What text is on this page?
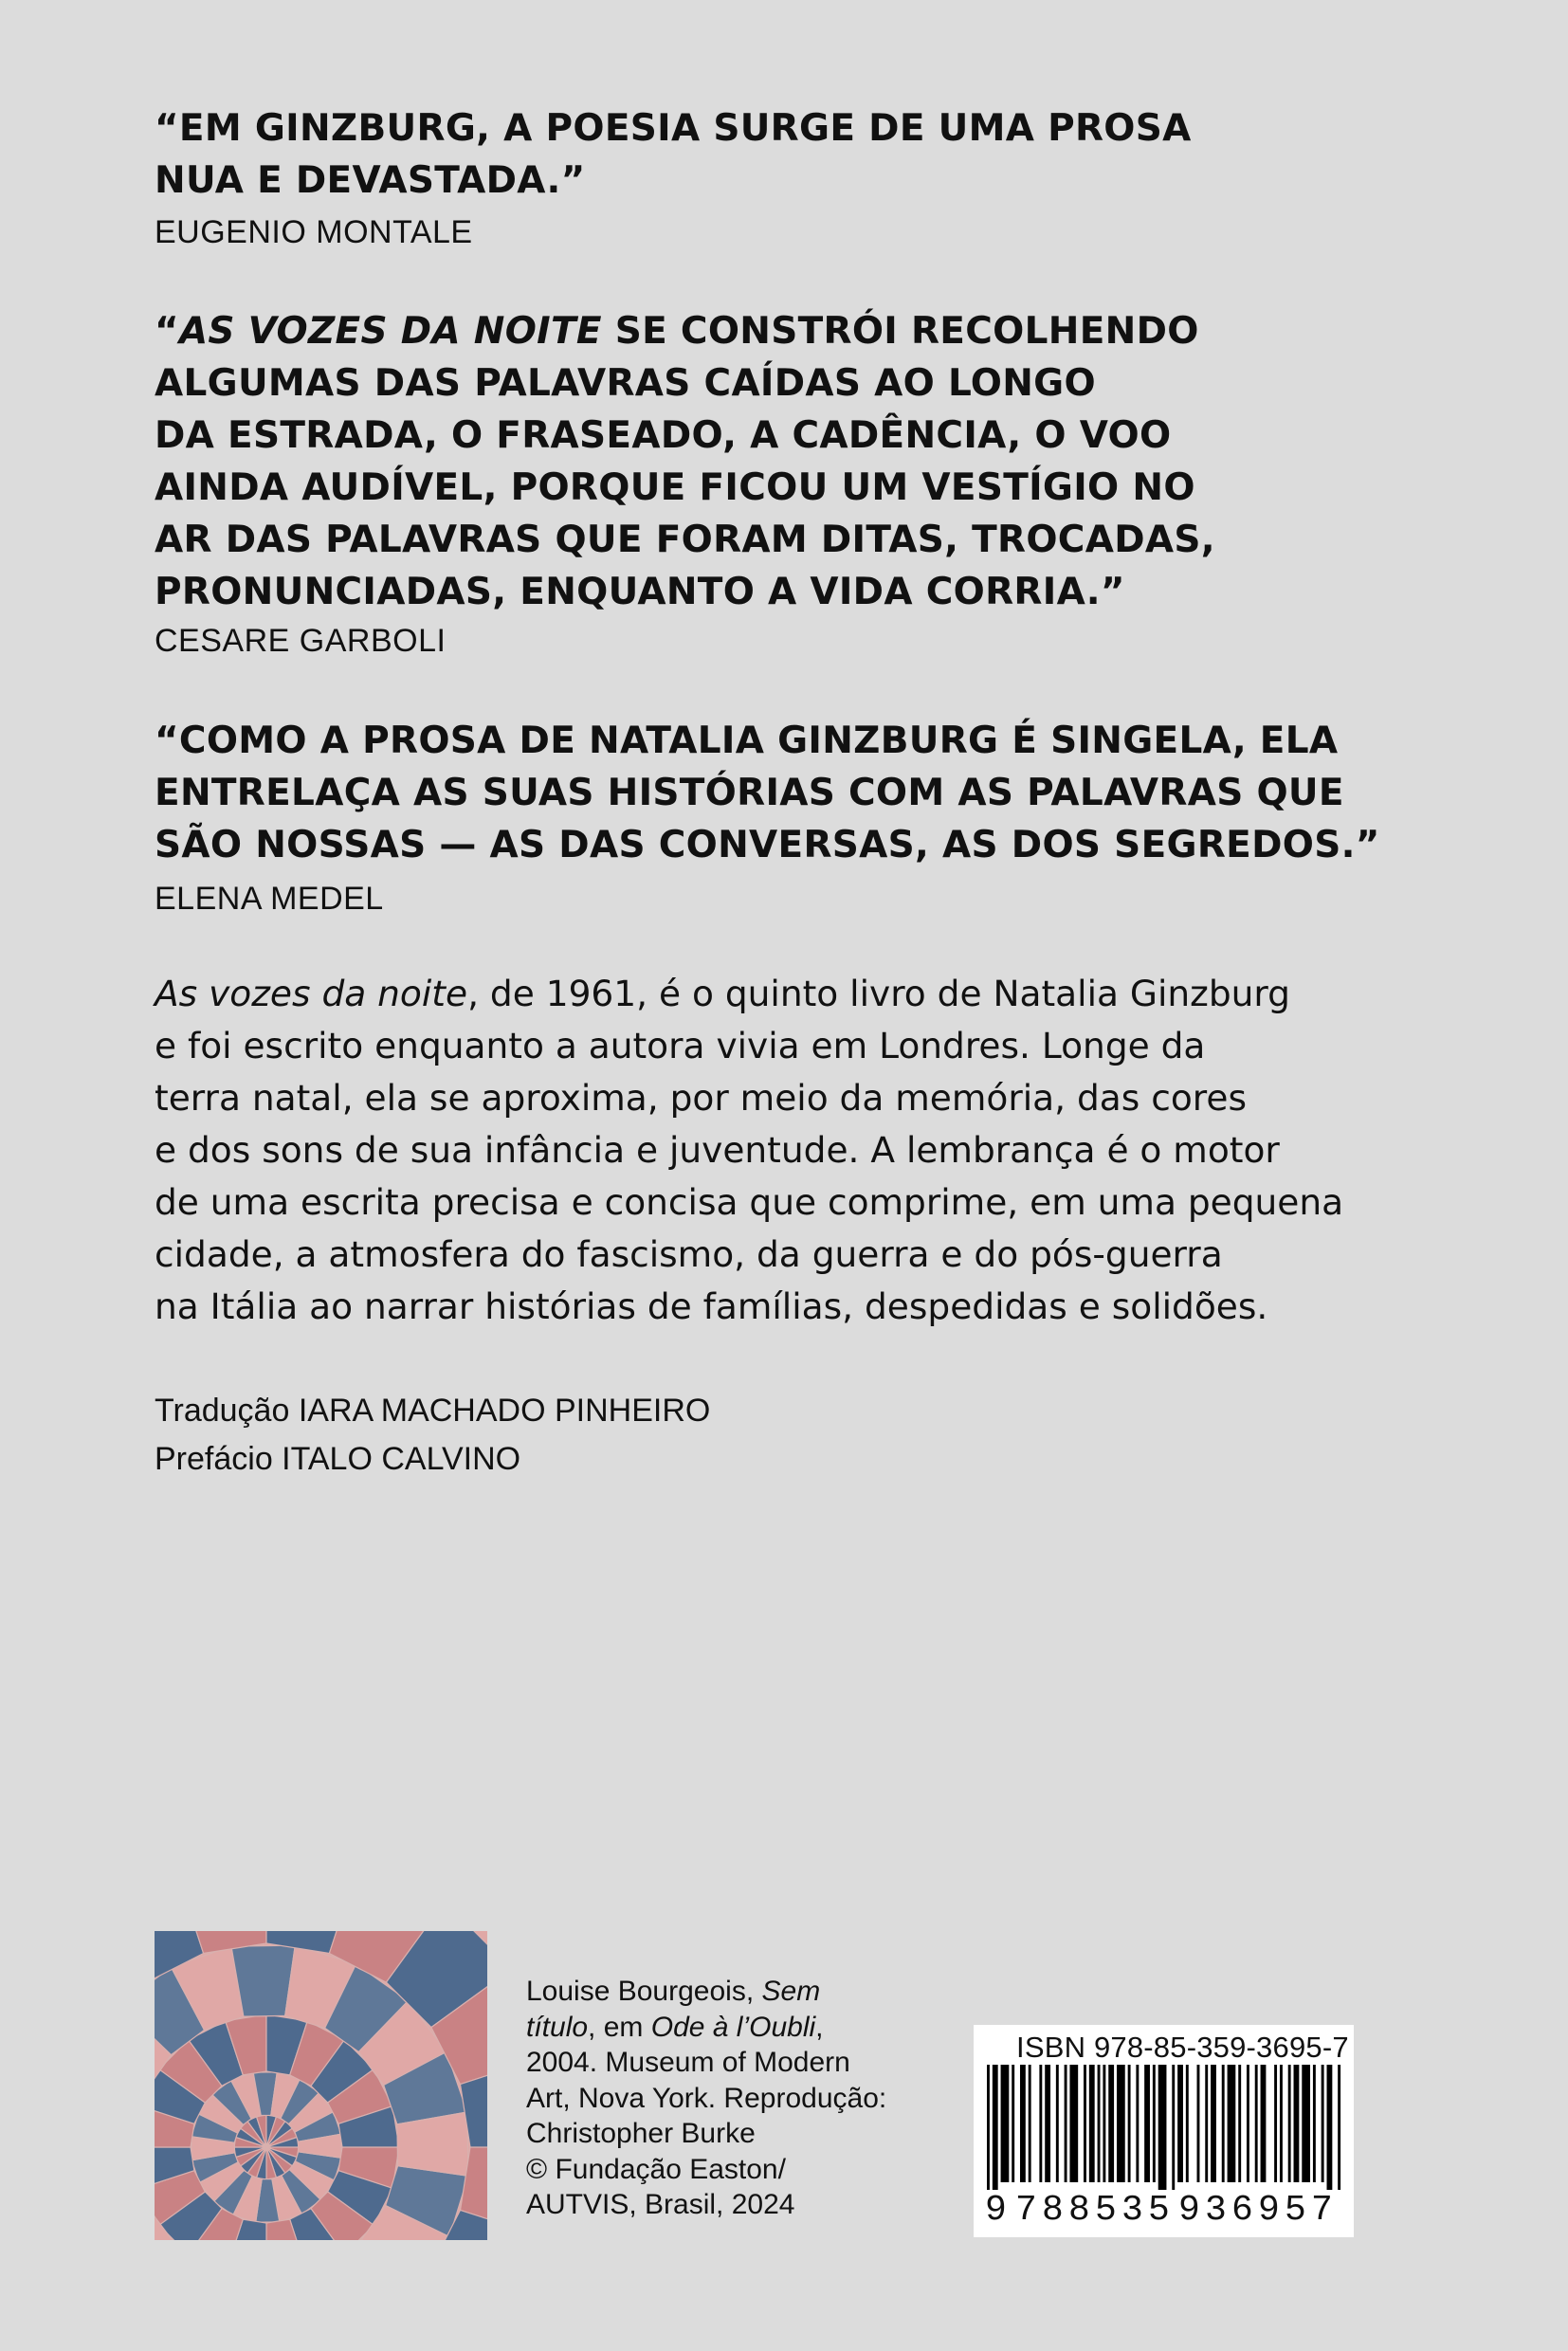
“EM GINZBURG, A POESIA SURGE DE UMA PROSA
NUA E DEVASTADA.”
EUGENIO MONTALE
“AS VOZES DA NOITE SE CONSTRÓI RECOLHENDO
ALGUMAS DAS PALAVRAS CAÍDAS AO LONGO
DA ESTRADA, O FRASEADO, A CADÊNCIA, O VOO
AINDA AUDÍVEL, PORQUE FICOU UM VESTÍGIO NO
AR DAS PALAVRAS QUE FORAM DITAS, TROCADAS,
PRONUNCIADAS, ENQUANTO A VIDA CORRIA.”
CESARE GARBOLI
“COMO A PROSA DE NATALIA GINZBURG É SINGELA, ELA
ENTRELAÇA AS SUAS HISTÓRIAS COM AS PALAVRAS QUE
SÃO NOSSAS — AS DAS CONVERSAS, AS DOS SEGREDOS.”
ELENA MEDEL
As vozes da noite, de 1961, é o quinto livro de Natalia Ginzburg
e foi escrito enquanto a autora vivia em Londres. Longe da
terra natal, ela se aproxima, por meio da memória, das cores
e dos sons de sua infância e juventude. A lembrança é o motor
de uma escrita precisa e concisa que comprime, em uma pequena
cidade, a atmosfera do fascismo, da guerra e do pós-guerra
na Itália ao narrar histórias de famílias, despedidas e solidões.
Tradução IARA MACHADO PINHEIRO
Prefácio ITALO CALVINO
Louise Bourgeois, Sem
título, em Ode à l’Oubli,
2004. Museum of Modern
Art, Nova York. Reprodução:
Christopher Burke
© Fundação Easton/
AUTVIS, Brasil, 2024
ISBN 978-85-359-3695-7
9 7 8 8 5 3 5 9 3 6 9 5 7
